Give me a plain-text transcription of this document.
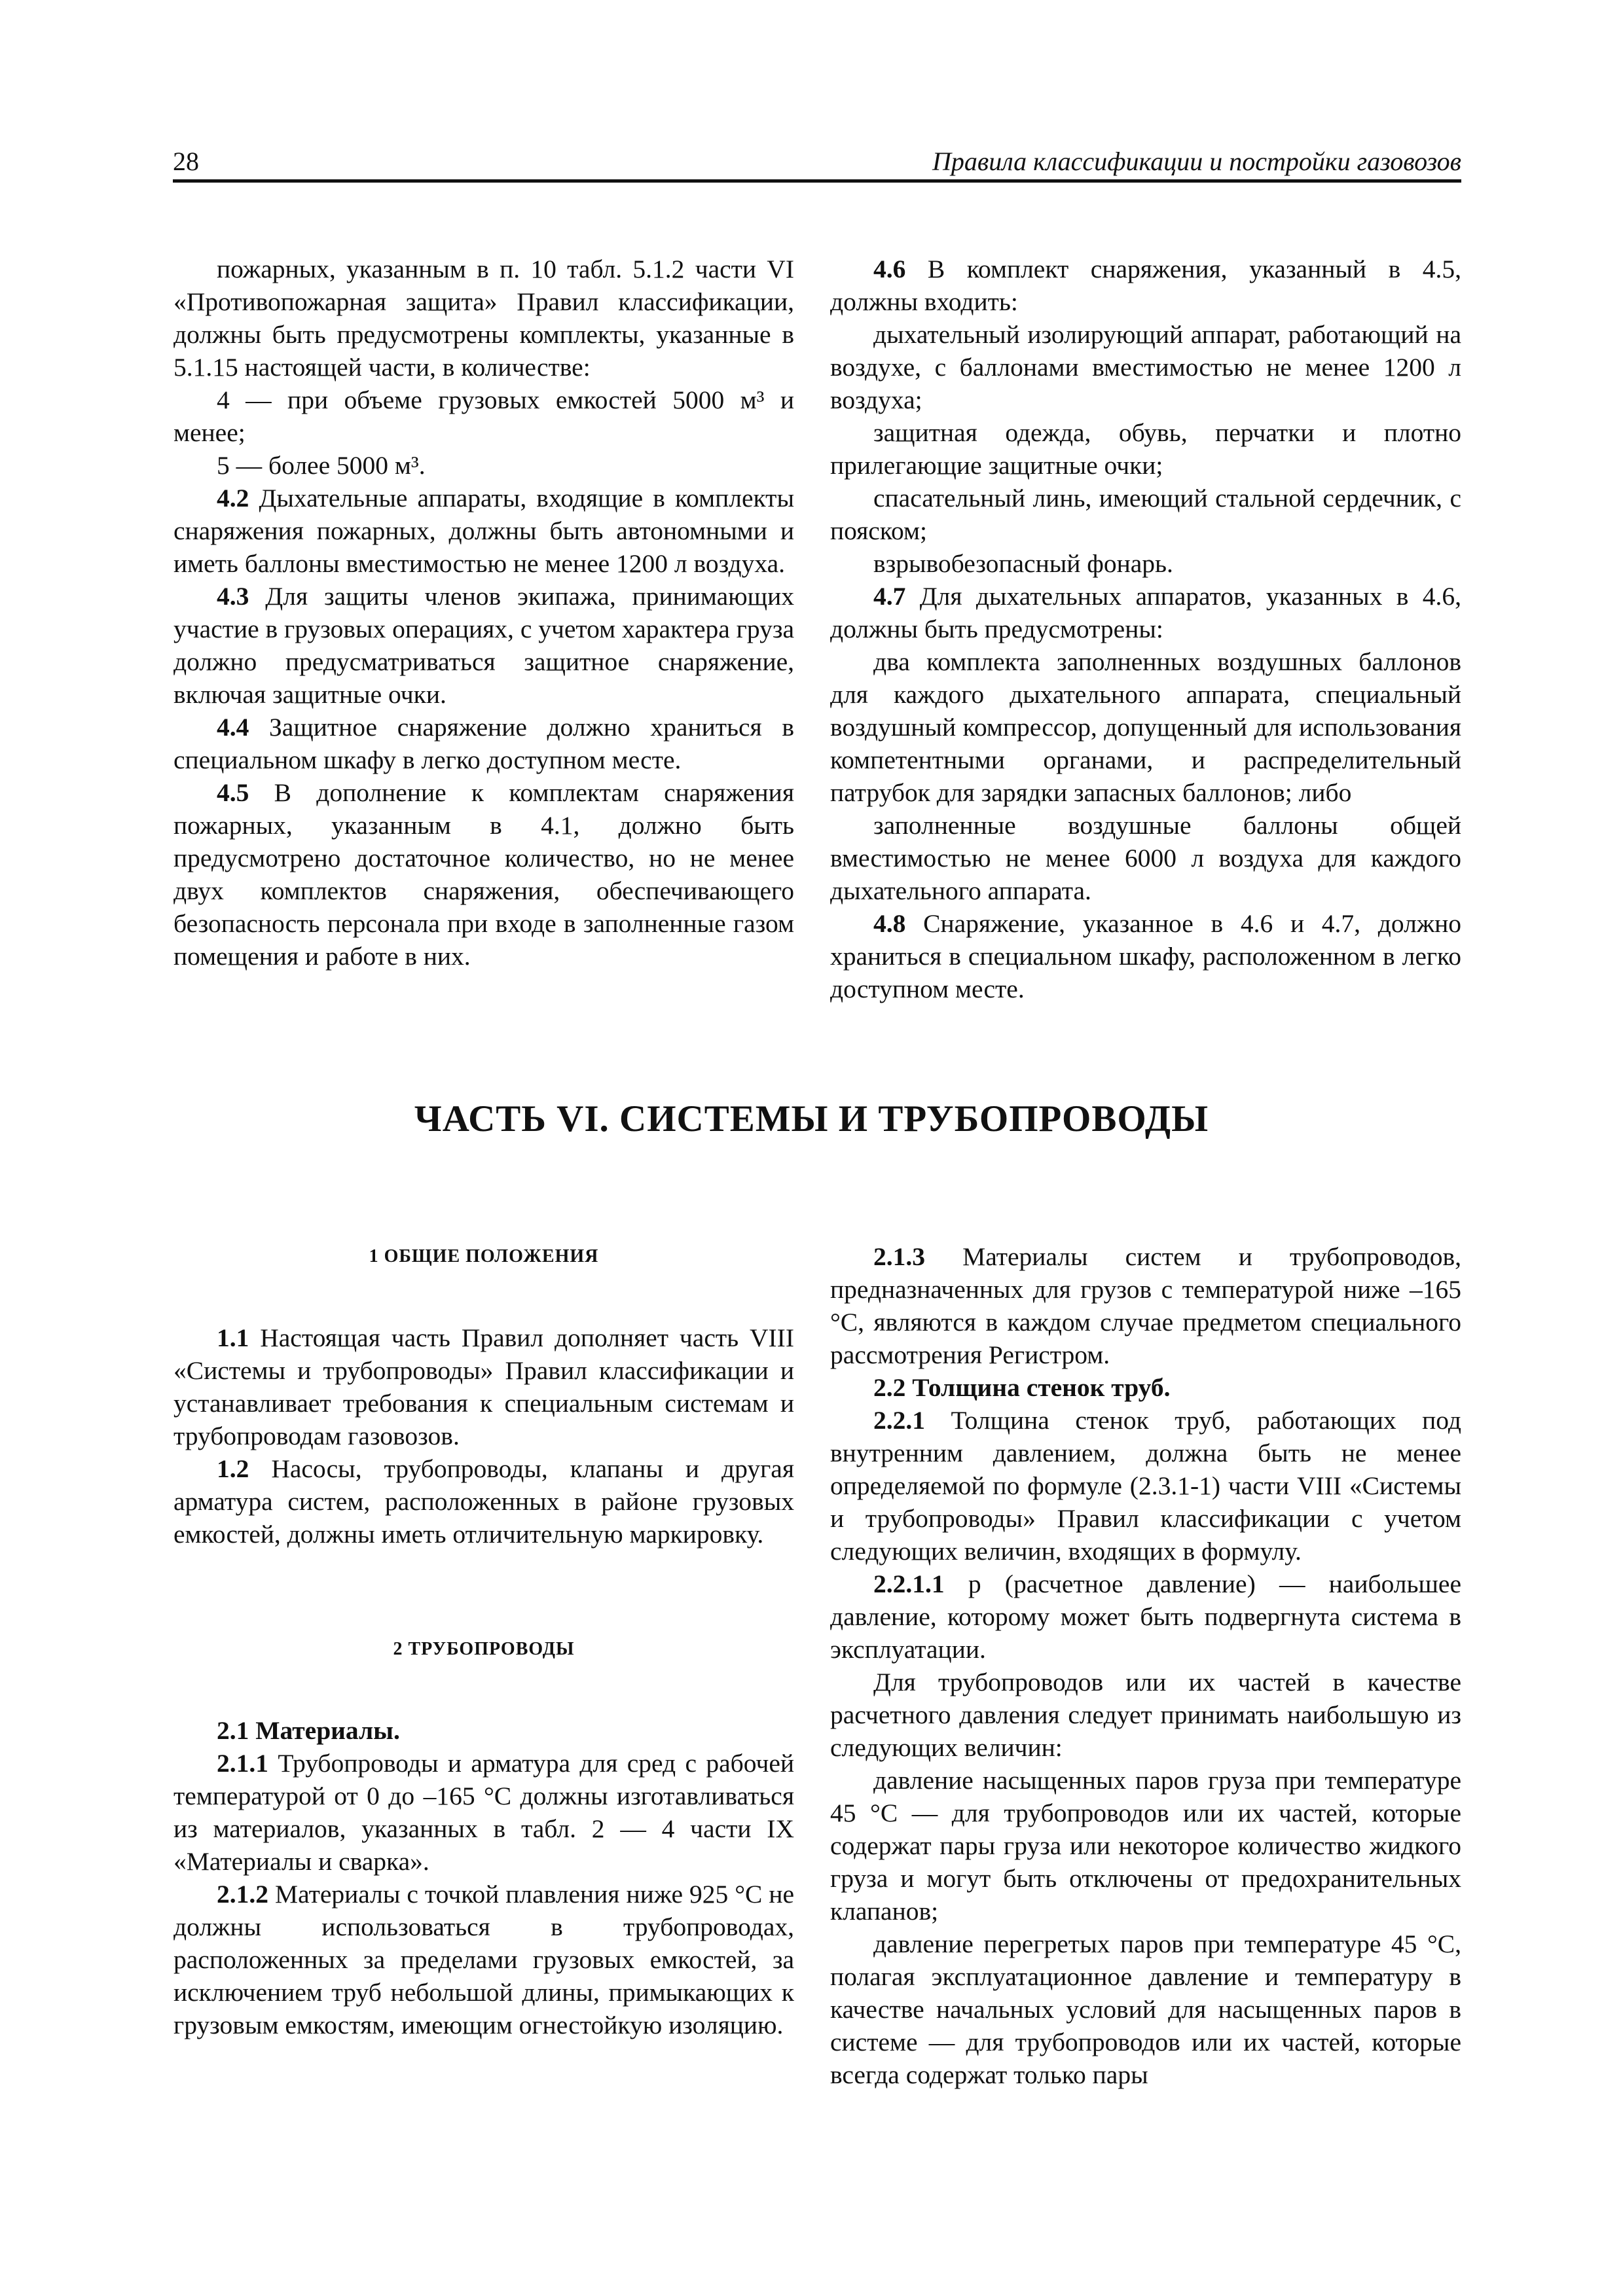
28	Правила классификации и постройки газовозов

пожарных, указанным в п. 10 табл. 5.1.2 части VI «Противопожарная защита» Правил классификации, должны быть предусмотрены комплекты, указанные в 5.1.15 настоящей части, в количестве:

4 — при объеме грузовых емкостей 5000 м³ и менее;

5 — более 5000 м³.

4.2 Дыхательные аппараты, входящие в комплекты снаряжения пожарных, должны быть автономными и иметь баллоны вместимостью не менее 1200 л воздуха.

4.3 Для защиты членов экипажа, принимающих участие в грузовых операциях, с учетом характера груза должно предусматриваться защитное снаряжение, включая защитные очки.

4.4 Защитное снаряжение должно храниться в специальном шкафу в легко доступном месте.

4.5 В дополнение к комплектам снаряжения пожарных, указанным в 4.1, должно быть предусмотрено достаточное количество, но не менее двух комплектов снаряжения, обеспечивающего безопасность персонала при входе в заполненные газом помещения и работе в них.

4.6 В комплект снаряжения, указанный в 4.5, должны входить:

дыхательный изолирующий аппарат, работающий на воздухе, с баллонами вместимостью не менее 1200 л воздуха;

защитная одежда, обувь, перчатки и плотно прилегающие защитные очки;

спасательный линь, имеющий стальной сердечник, с пояском;

взрывобезопасный фонарь.

4.7 Для дыхательных аппаратов, указанных в 4.6, должны быть предусмотрены:

два комплекта заполненных воздушных баллонов для каждого дыхательного аппарата, специальный воздушный компрессор, допущенный для использования компетентными органами, и распределительный патрубок для зарядки запасных баллонов; либо

заполненные воздушные баллоны общей вместимостью не менее 6000 л воздуха для каждого дыхательного аппарата.

4.8 Снаряжение, указанное в 4.6 и 4.7, должно храниться в специальном шкафу, расположенном в легко доступном месте.

ЧАСТЬ VI. СИСТЕМЫ И ТРУБОПРОВОДЫ

1 ОБЩИЕ ПОЛОЖЕНИЯ

1.1 Настоящая часть Правил дополняет часть VIII «Системы и трубопроводы» Правил классификации и устанавливает требования к специальным системам и трубопроводам газовозов.

1.2 Насосы, трубопроводы, клапаны и другая арматура систем, расположенных в районе грузовых емкостей, должны иметь отличительную маркировку.

2 ТРУБОПРОВОДЫ

2.1 Материалы.

2.1.1 Трубопроводы и арматура для сред с рабочей температурой от 0 до –165 °С должны изготавливаться из материалов, указанных в табл. 2 — 4 части IX «Материалы и сварка».

2.1.2 Материалы с точкой плавления ниже 925 °С не должны использоваться в трубопроводах, расположенных за пределами грузовых емкостей, за исключением труб небольшой длины, примыкающих к грузовым емкостям, имеющим огнестойкую изоляцию.

2.1.3 Материалы систем и трубопроводов, предназначенных для грузов с температурой ниже –165 °С, являются в каждом случае предметом специального рассмотрения Регистром.

2.2 Толщина стенок труб.

2.2.1 Толщина стенок труб, работающих под внутренним давлением, должна быть не менее определяемой по формуле (2.3.1-1) части VIII «Системы и трубопроводы» Правил классификации с учетом следующих величин, входящих в формулу.

2.2.1.1 р (расчетное давление) — наибольшее давление, которому может быть подвергнута система в эксплуатации.

Для трубопроводов или их частей в качестве расчетного давления следует принимать наибольшую из следующих величин:

давление насыщенных паров груза при температуре 45 °С — для трубопроводов или их частей, которые содержат пары груза или некоторое количество жидкого груза и могут быть отключены от предохранительных клапанов;

давление перегретых паров при температуре 45 °С, полагая эксплуатационное давление и температуру в качестве начальных условий для насыщенных паров в системе — для трубопроводов или их частей, которые всегда содержат только пары
